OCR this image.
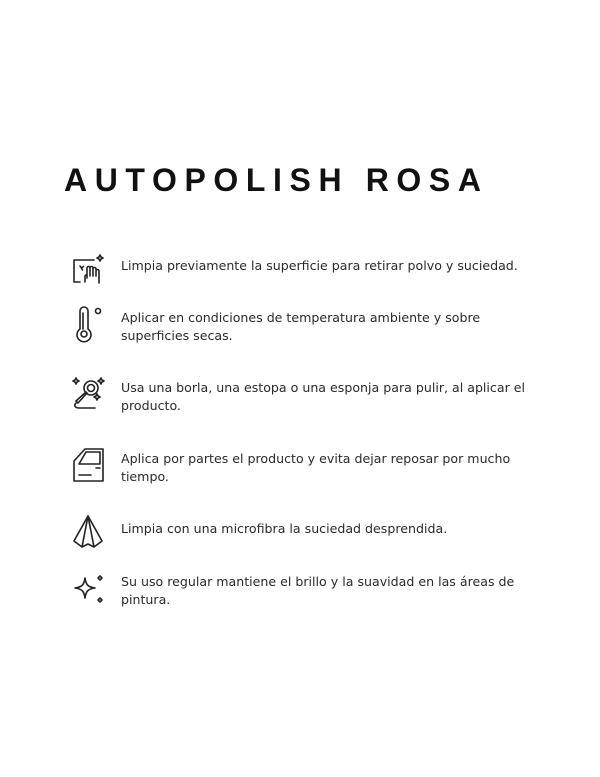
AUTOPOLISH ROSA
Limpia previamente la superficie para retirar polvo y suciedad.
Aplicar en condiciones de temperatura ambiente y sobre superficies secas.
Usa una borla, una estopa o una esponja para pulir, al aplicar el producto.
Aplica por partes el producto y evita dejar reposar por mucho tiempo.
Limpia con una microfibra la suciedad desprendida.
Su uso regular mantiene el brillo y la suavidad en las áreas de pintura.
